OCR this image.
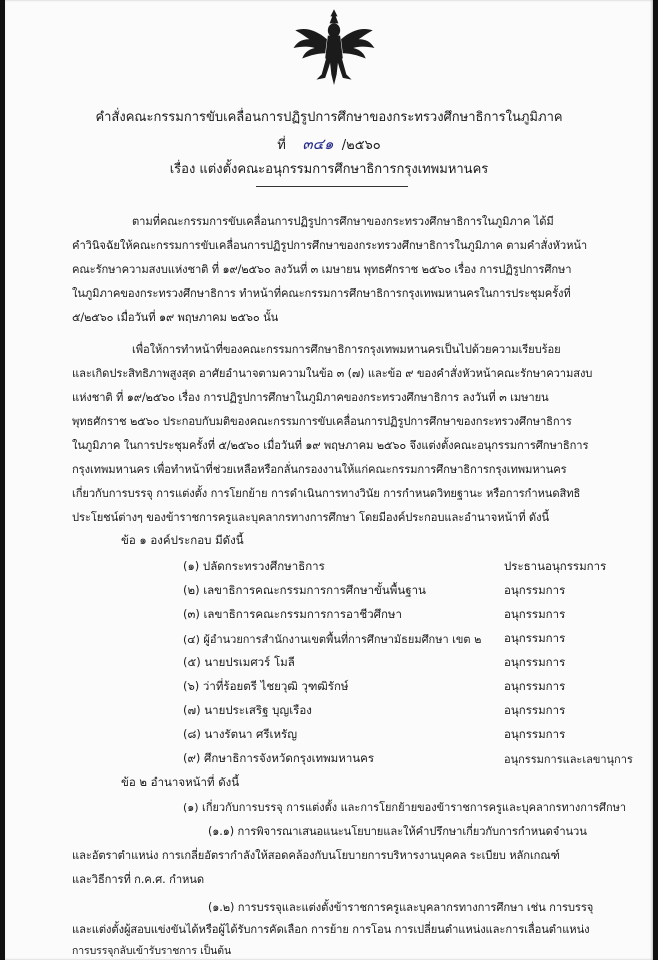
คำสั่งคณะกรรมการขับเคลื่อนการปฏิรูปการศึกษาของกระทรวงศึกษาธิการในภูมิภาค
ที่ ๓๔๑ /๒๕๖๐
เรื่อง แต่งตั้งคณะอนุกรรมการศึกษาธิการกรุงเทพมหานคร
ตามที่คณะกรรมการขับเคลื่อนการปฏิรูปการศึกษาของกระทรวงศึกษาธิการในภูมิภาค ได้มี
คำวินิจฉัยให้คณะกรรมการขับเคลื่อนการปฏิรูปการศึกษาของกระทรวงศึกษาธิการในภูมิภาค ตามคำสั่งหัวหน้า
คณะรักษาความสงบแห่งชาติ ที่ ๑๙/๒๕๖๐ ลงวันที่ ๓ เมษายน พุทธศักราช ๒๕๖๐ เรื่อง การปฏิรูปการศึกษา
ในภูมิภาคของกระทรวงศึกษาธิการ ทำหน้าที่คณะกรรมการศึกษาธิการกรุงเทพมหานครในการประชุมครั้งที่
๕/๒๕๖๐ เมื่อวันที่ ๑๙ พฤษภาคม ๒๕๖๐ นั้น
เพื่อให้การทำหน้าที่ของคณะกรรมการศึกษาธิการกรุงเทพมหานครเป็นไปด้วยความเรียบร้อย
และเกิดประสิทธิภาพสูงสุด อาศัยอำนาจตามความในข้อ ๓ (๗) และข้อ ๙ ของคำสั่งหัวหน้าคณะรักษาความสงบ
แห่งชาติ ที่ ๑๙/๒๕๖๐ เรื่อง การปฏิรูปการศึกษาในภูมิภาคของกระทรวงศึกษาธิการ ลงวันที่ ๓ เมษายน
พุทธศักราช ๒๕๖๐ ประกอบกับมติของคณะกรรมการขับเคลื่อนการปฏิรูปการศึกษาของกระทรวงศึกษาธิการ
ในภูมิภาค ในการประชุมครั้งที่ ๕/๒๕๖๐ เมื่อวันที่ ๑๙ พฤษภาคม ๒๕๖๐ จึงแต่งตั้งคณะอนุกรรมการศึกษาธิการ
กรุงเทพมหานคร เพื่อทำหน้าที่ช่วยเหลือหรือกลั่นกรองงานให้แก่คณะกรรมการศึกษาธิการกรุงเทพมหานคร
เกี่ยวกับการบรรจุ การแต่งตั้ง การโยกย้าย การดำเนินการทางวินัย การกำหนดวิทยฐานะ หรือการกำหนดสิทธิ
ประโยชน์ต่างๆ ของข้าราชการครูและบุคลากรทางการศึกษา โดยมีองค์ประกอบและอำนาจหน้าที่ ดังนี้
ข้อ ๑ องค์ประกอบ มีดังนี้
(๑) ปลัดกระทรวงศึกษาธิการ	ประธานอนุกรรมการ
(๒) เลขาธิการคณะกรรมการการศึกษาขั้นพื้นฐาน	อนุกรรมการ
(๓) เลขาธิการคณะกรรมการการอาชีวศึกษา	อนุกรรมการ
(๔) ผู้อำนวยการสำนักงานเขตพื้นที่การศึกษามัธยมศึกษา เขต ๒ อนุกรรมการ
(๕) นายปรเมศวร์ โมลี	อนุกรรมการ
(๖) ว่าที่ร้อยตรี ไชยวุฒิ วุฑฒิรักษ์	อนุกรรมการ
(๗) นายประเสริฐ บุญเรือง	อนุกรรมการ
(๘) นางรัตนา ศรีเหรัญ	อนุกรรมการ
(๙) ศึกษาธิการจังหวัดกรุงเทพมหานคร	อนุกรรมการและเลขานุการ
ข้อ ๒ อำนาจหน้าที่ ดังนี้
(๑) เกี่ยวกับการบรรจุ การแต่งตั้ง และการโยกย้ายของข้าราชการครูและบุคลากรทางการศึกษา
(๑.๑) การพิจารณาเสนอแนะนโยบายและให้คำปรึกษาเกี่ยวกับการกำหนดจำนวน
และอัตราตำแหน่ง การเกลี่ยอัตรากำลังให้สอดคล้องกับนโยบายการบริหารงานบุคคล ระเบียบ หลักเกณฑ์
และวิธีการที่ ก.ค.ศ. กำหนด
(๑.๒) การบรรจุและแต่งตั้งข้าราชการครูและบุคลากรทางการศึกษา เช่น การบรรจุ
และแต่งตั้งผู้สอบแข่งขันได้หรือผู้ได้รับการคัดเลือก การย้าย การโอน การเปลี่ยนตำแหน่งและการเลื่อนตำแหน่ง
การบรรจุกลับเข้ารับราชการ เป็นต้น
